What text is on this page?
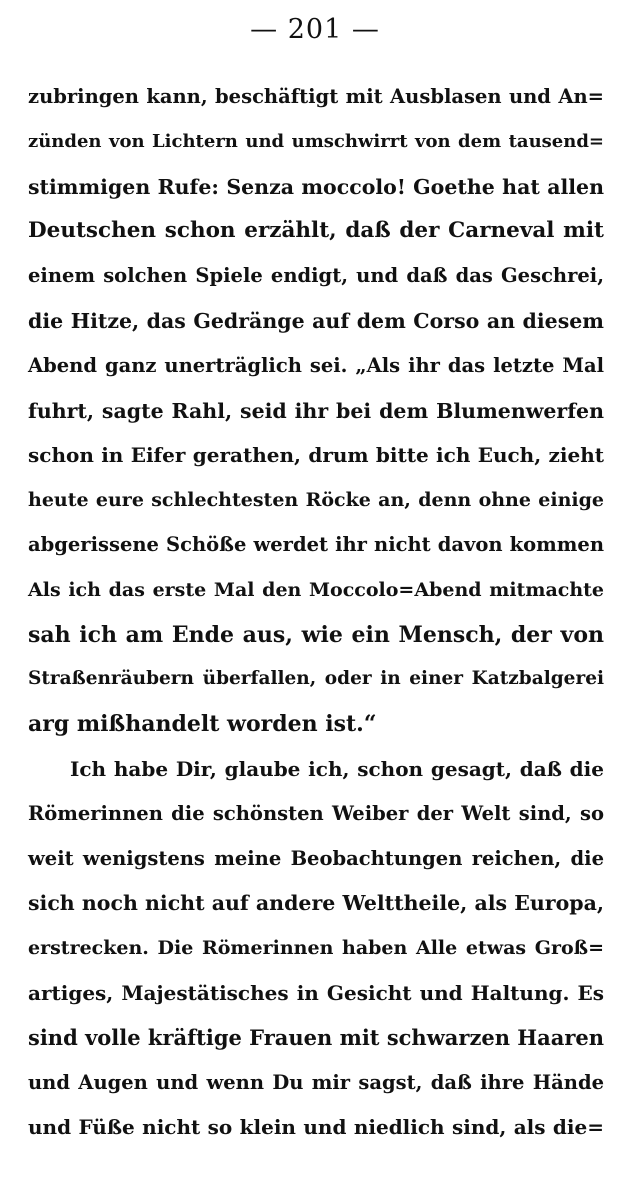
— 201 —
zubringen kann, beschäftigt mit Ausblasen und An=
zünden von Lichtern und umschwirrt von dem tausend=
stimmigen Rufe: Senza moccolo! Goethe hat allen
Deutschen schon erzählt, daß der Carneval mit
einem solchen Spiele endigt, und daß das Geschrei,
die Hitze, das Gedränge auf dem Corso an diesem
Abend ganz unerträglich sei. „Als ihr das letzte Mal
fuhrt, sagte Rahl, seid ihr bei dem Blumenwerfen
schon in Eifer gerathen, drum bitte ich Euch, zieht
heute eure schlechtesten Röcke an, denn ohne einige
abgerissene Schöße werdet ihr nicht davon kommen
Als ich das erste Mal den Moccolo=Abend mitmachte
sah ich am Ende aus, wie ein Mensch, der von
Straßenräubern überfallen, oder in einer Katzbalgerei
arg mißhandelt worden ist.“
Ich habe Dir, glaube ich, schon gesagt, daß die
Römerinnen die schönsten Weiber der Welt sind, so
weit wenigstens meine Beobachtungen reichen, die
sich noch nicht auf andere Welttheile, als Europa,
erstrecken. Die Römerinnen haben Alle etwas Groß=
artiges, Majestätisches in Gesicht und Haltung. Es
sind volle kräftige Frauen mit schwarzen Haaren
und Augen und wenn Du mir sagst, daß ihre Hände
und Füße nicht so klein und niedlich sind, als die=
